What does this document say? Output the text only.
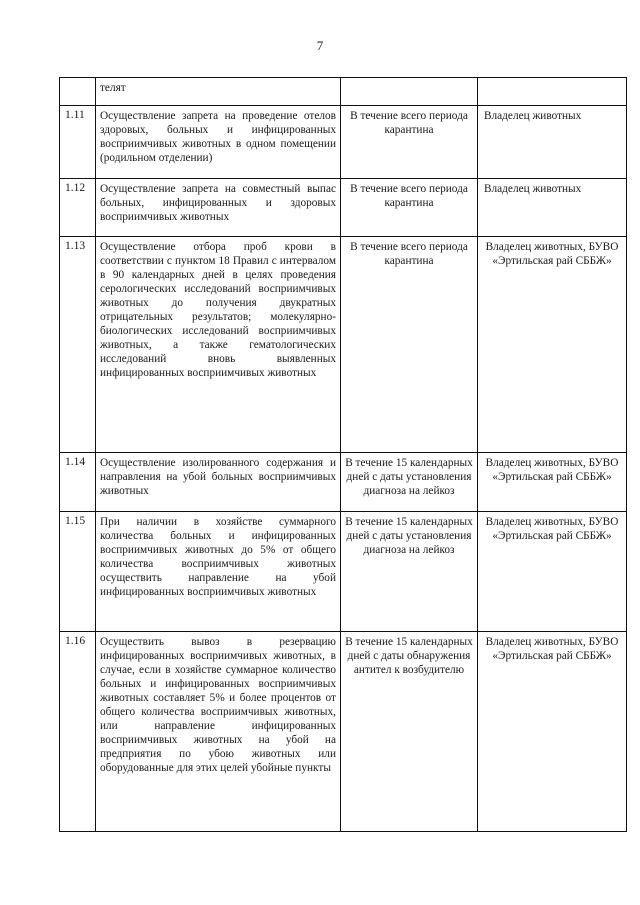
7
	телят		
1.11	Осуществление запрета на проведение отелов здоровых, больных и инфицированных восприимчивых животных в одном помещении (родильном отделении)	В течение всего периода карантина	Владелец животных
1.12	Осуществление запрета на совместный выпас больных, инфицированных и здоровых восприимчивых животных	В течение всего периода карантина	Владелец животных
1.13	Осуществление отбора проб крови в соответствии с пунктом 18 Правил с интервалом в 90 календарных дней в целях проведения серологических исследований восприимчивых животных до получения двукратных отрицательных результатов; молекулярно-биологических исследований восприимчивых животных, а также гематологических исследований вновь выявленных инфицированных восприимчивых животных	В течение всего периода карантина	Владелец животных, БУВО «Эртильская рай СББЖ»
1.14	Осуществление изолированного содержания и направления на убой больных восприимчивых животных	В течение 15 календарных дней с даты установления диагноза на лейкоз	Владелец животных, БУВО «Эртильская рай СББЖ»
1.15	При наличии в хозяйстве суммарного количества больных и инфицированных восприимчивых животных до 5% от общего количества восприимчивых животных осуществить направление на убой инфицированных восприимчивых животных	В течение 15 календарных дней с даты установления диагноза на лейкоз	Владелец животных, БУВО «Эртильская рай СББЖ»
1.16	Осуществить вывоз в резервацию инфицированных восприимчивых животных, в случае, если в хозяйстве суммарное количество больных и инфицированных восприимчивых животных составляет 5% и более процентов от общего количества восприимчивых животных, или направление инфицированных восприимчивых животных на убой на предприятия по убою животных или оборудованные для этих целей убойные пункты	В течение 15 календарных дней с даты обнаружения антител к возбудителю	Владелец животных, БУВО «Эртильская рай СББЖ»
